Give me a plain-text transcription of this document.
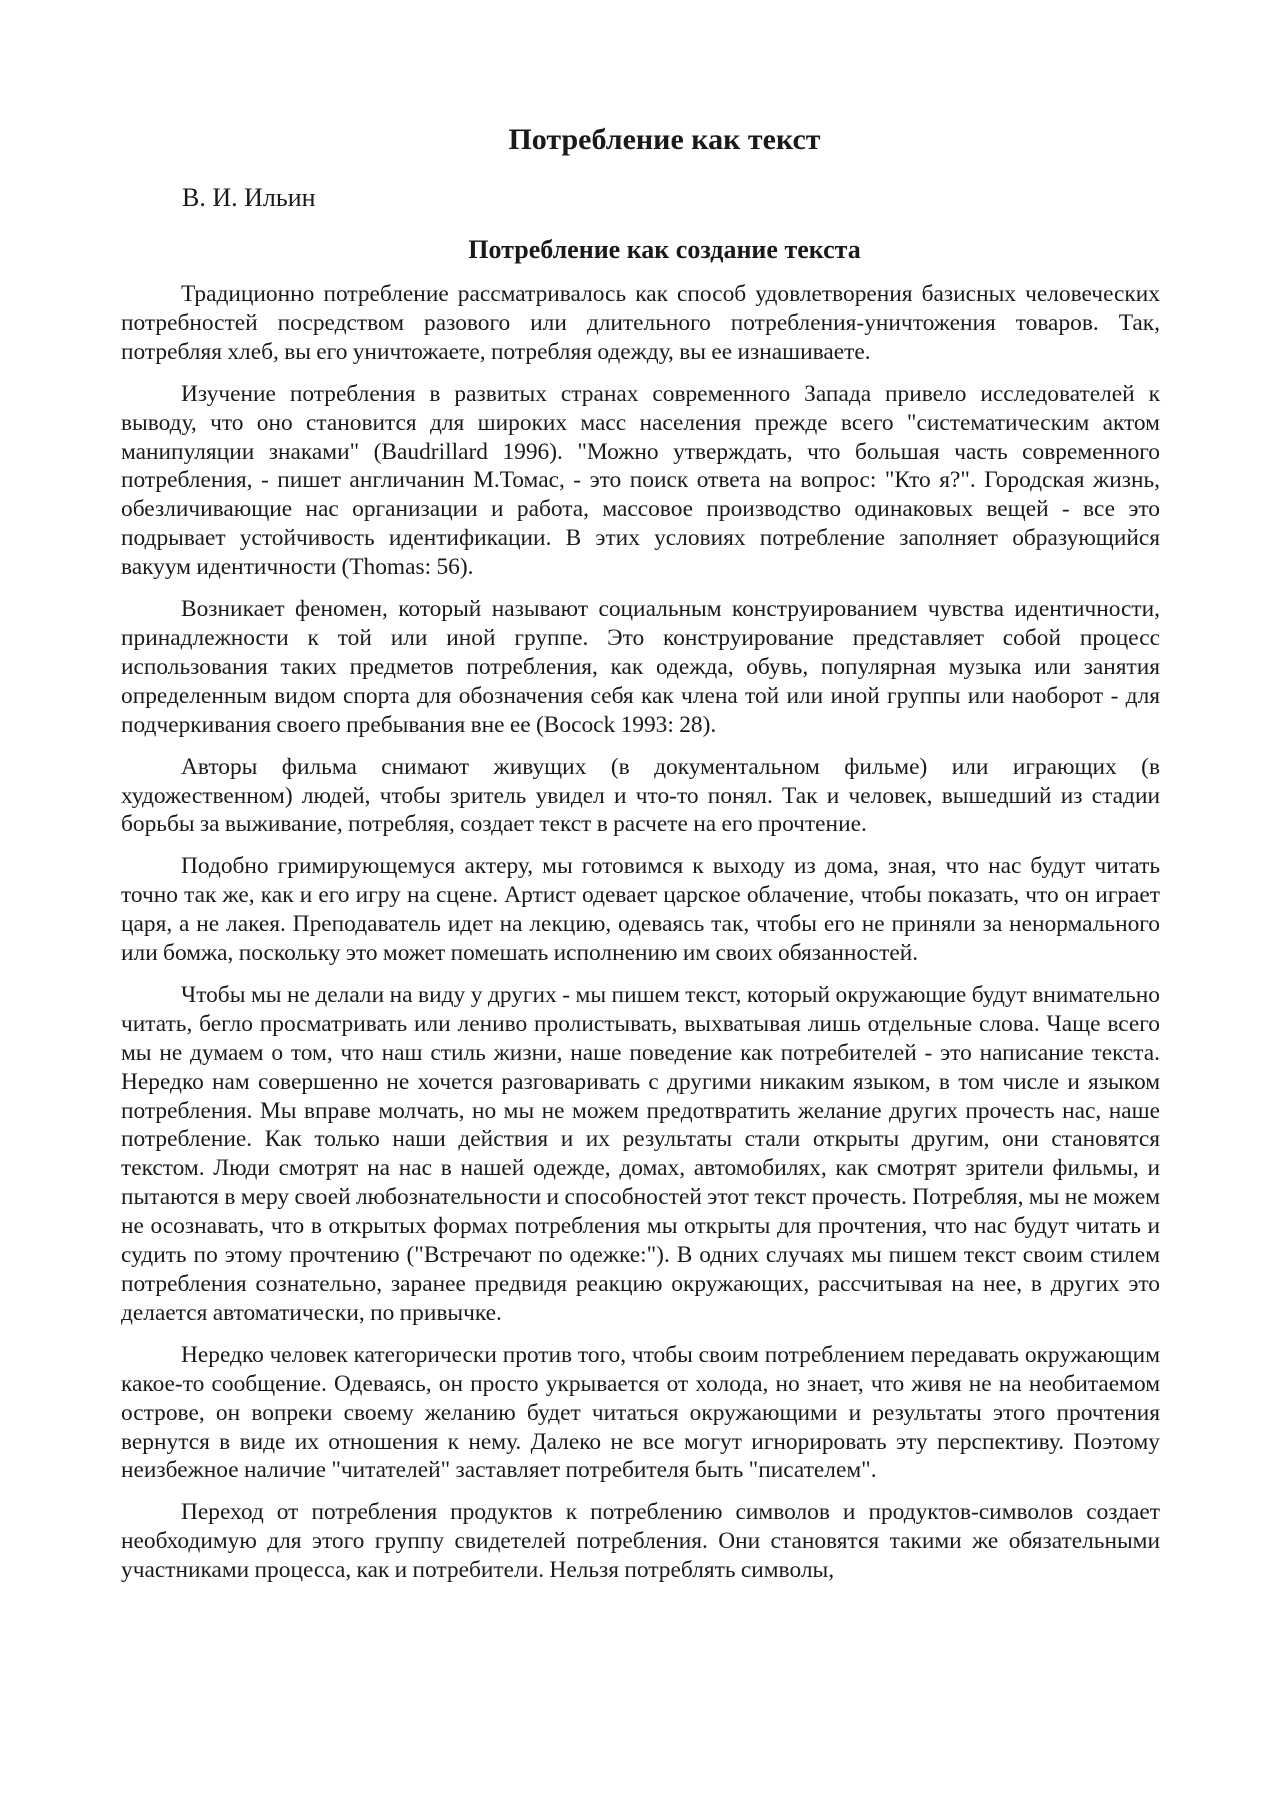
Потребление как текст
В. И. Ильин
Потребление как создание текста

Традиционно потребление рассматривалось как способ удовлетворения базисных человеческих потребностей посредством разового или длительного потребления-уничтожения товаров. Так, потребляя хлеб, вы его уничтожаете, потребляя одежду, вы ее изнашиваете.

Изучение потребления в развитых странах современного Запада привело исследователей к выводу, что оно становится для широких масс населения прежде всего "систематическим актом манипуляции знаками" (Baudrillard 1996). "Можно утверждать, что большая часть современного потребления, - пишет англичанин М.Томас, - это поиск ответа на вопрос: "Кто я?". Городская жизнь, обезличивающие нас организации и работа, массовое производство одинаковых вещей - все это подрывает устойчивость идентификации. В этих условиях потребление заполняет образующийся вакуум идентичности (Thomas: 56).

Возникает феномен, который называют социальным конструированием чувства идентичности, принадлежности к той или иной группе. Это конструирование представляет собой процесс использования таких предметов потребления, как одежда, обувь, популярная музыка или занятия определенным видом спорта для обозначения себя как члена той или иной группы или наоборот - для подчеркивания своего пребывания вне ее (Bocock 1993: 28).

Авторы фильма снимают живущих (в документальном фильме) или играющих (в художественном) людей, чтобы зритель увидел и что-то понял. Так и человек, вышедший из стадии борьбы за выживание, потребляя, создает текст в расчете на его прочтение.

Подобно гримирующемуся актеру, мы готовимся к выходу из дома, зная, что нас будут читать точно так же, как и его игру на сцене. Артист одевает царское облачение, чтобы показать, что он играет царя, а не лакея. Преподаватель идет на лекцию, одеваясь так, чтобы его не приняли за ненормального или бомжа, поскольку это может помешать исполнению им своих обязанностей.

Чтобы мы не делали на виду у других - мы пишем текст, который окружающие будут внимательно читать, бегло просматривать или лениво пролистывать, выхватывая лишь отдельные слова. Чаще всего мы не думаем о том, что наш стиль жизни, наше поведение как потребителей - это написание текста. Нередко нам совершенно не хочется разговаривать с другими никаким языком, в том числе и языком потребления. Мы вправе молчать, но мы не можем предотвратить желание других прочесть нас, наше потребление. Как только наши действия и их результаты стали открыты другим, они становятся текстом. Люди смотрят на нас в нашей одежде, домах, автомобилях, как смотрят зрители фильмы, и пытаются в меру своей любознательности и способностей этот текст прочесть. Потребляя, мы не можем не осознавать, что в открытых формах потребления мы открыты для прочтения, что нас будут читать и судить по этому прочтению ("Встречают по одежке:"). В одних случаях мы пишем текст своим стилем потребления сознательно, заранее предвидя реакцию окружающих, рассчитывая на нее, в других это делается автоматически, по привычке.

Нередко человек категорически против того, чтобы своим потреблением передавать окружающим какое-то сообщение. Одеваясь, он просто укрывается от холода, но знает, что живя не на необитаемом острове, он вопреки своему желанию будет читаться окружающими и результаты этого прочтения вернутся в виде их отношения к нему. Далеко не все могут игнорировать эту перспективу. Поэтому неизбежное наличие "читателей" заставляет потребителя быть "писателем".

Переход от потребления продуктов к потреблению символов и продуктов-символов создает необходимую для этого группу свидетелей потребления. Они становятся такими же обязательными участниками процесса, как и потребители. Нельзя потреблять символы,
